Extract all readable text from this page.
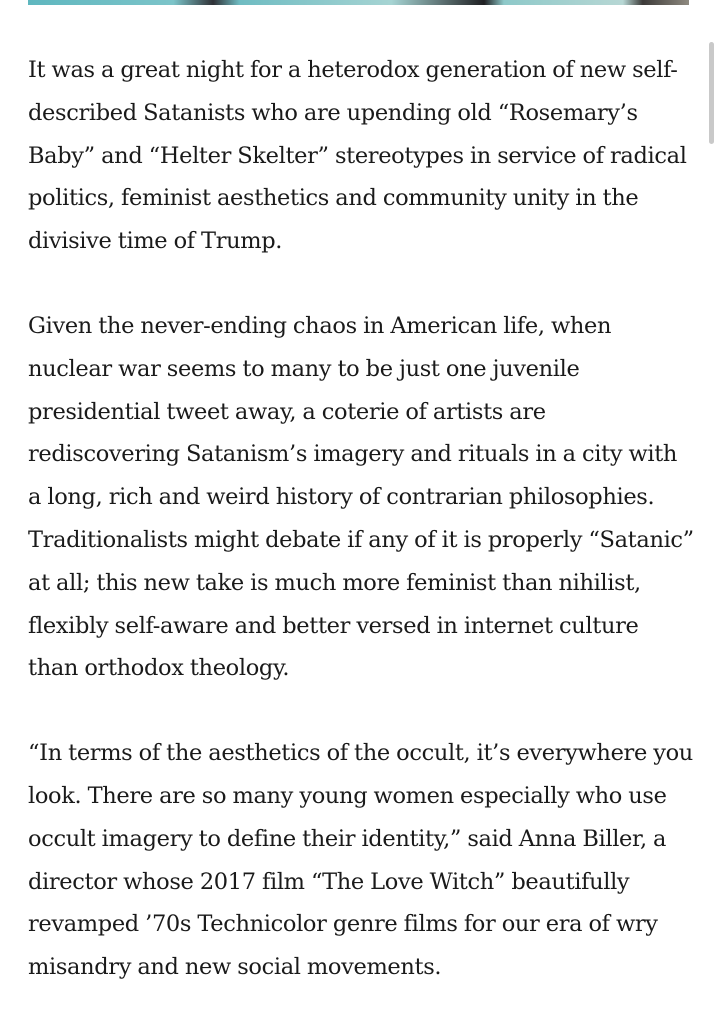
It was a great night for a heterodox generation of new self-described Satanists who are upending old “Rosemary’s Baby” and “Helter Skelter” stereotypes in service of radical politics, feminist aesthetics and community unity in the divisive time of Trump.

Given the never-ending chaos in American life, when nuclear war seems to many to be just one juvenile presidential tweet away, a coterie of artists are rediscovering Satanism’s imagery and rituals in a city with a long, rich and weird history of contrarian philosophies. Traditionalists might debate if any of it is properly “Satanic” at all; this new take is much more feminist than nihilist, flexibly self-aware and better versed in internet culture than orthodox theology.

“In terms of the aesthetics of the occult, it’s everywhere you look. There are so many young women especially who use occult imagery to define their identity,” said Anna Biller, a director whose 2017 film “The Love Witch” beautifully revamped ’70s Technicolor genre films for our era of wry misandry and new social movements.
